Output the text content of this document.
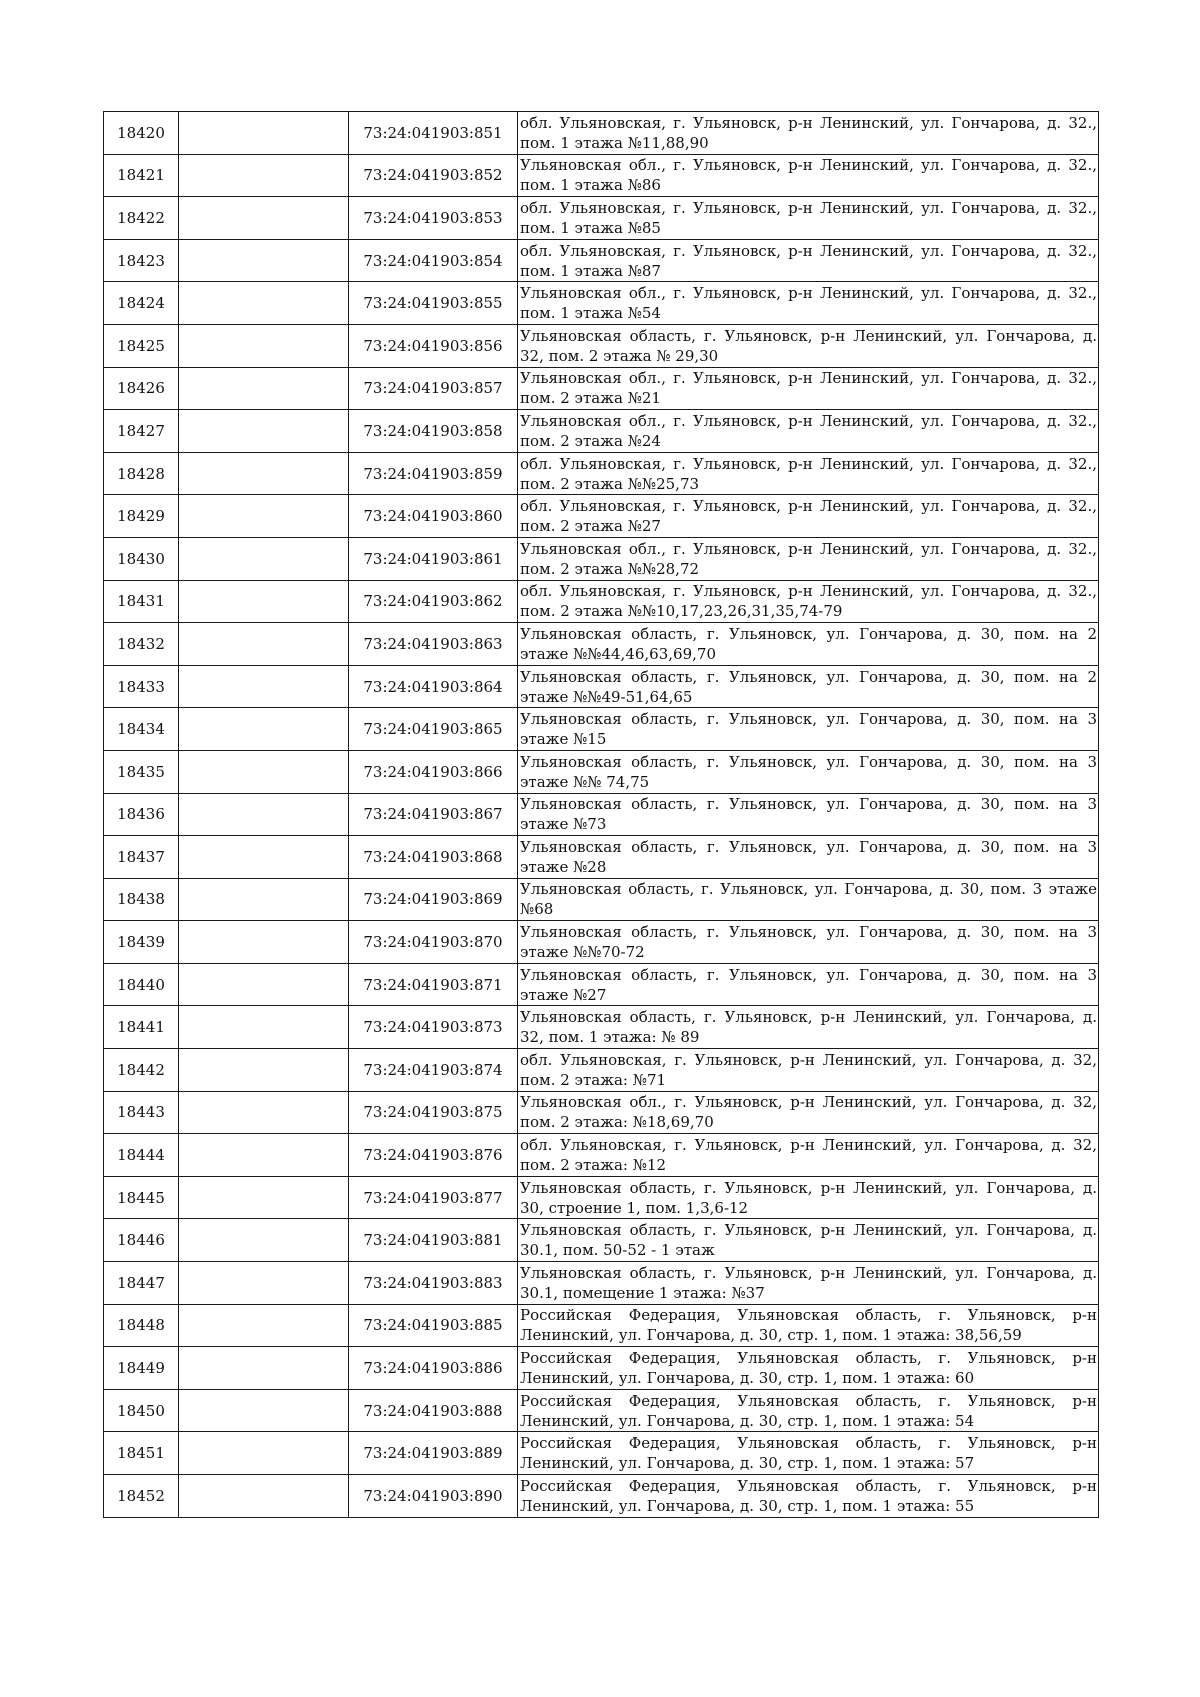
18420		73:24:041903:851	обл. Ульяновская, г. Ульяновск, р-н Ленинский, ул. Гончарова, д. 32., пом. 1 этажа №11,88,90

18421		73:24:041903:852	Ульяновская обл., г. Ульяновск, р-н Ленинский, ул. Гончарова, д. 32., пом. 1 этажа №86

18422		73:24:041903:853	обл. Ульяновская, г. Ульяновск, р-н Ленинский, ул. Гончарова, д. 32., пом. 1 этажа №85

18423		73:24:041903:854	обл. Ульяновская, г. Ульяновск, р-н Ленинский, ул. Гончарова, д. 32., пом. 1 этажа №87

18424		73:24:041903:855	Ульяновская обл., г. Ульяновск, р-н Ленинский, ул. Гончарова, д. 32., пом. 1 этажа №54

18425		73:24:041903:856	Ульяновская область, г. Ульяновск, р-н Ленинский, ул. Гончарова, д. 32, пом. 2 этажа № 29,30

18426		73:24:041903:857	Ульяновская обл., г. Ульяновск, р-н Ленинский, ул. Гончарова, д. 32., пом. 2 этажа №21

18427		73:24:041903:858	Ульяновская обл., г. Ульяновск, р-н Ленинский, ул. Гончарова, д. 32., пом. 2 этажа №24

18428		73:24:041903:859	обл. Ульяновская, г. Ульяновск, р-н Ленинский, ул. Гончарова, д. 32., пом. 2 этажа №№25,73

18429		73:24:041903:860	обл. Ульяновская, г. Ульяновск, р-н Ленинский, ул. Гончарова, д. 32., пом. 2 этажа №27

18430		73:24:041903:861	Ульяновская обл., г. Ульяновск, р-н Ленинский, ул. Гончарова, д. 32., пом. 2 этажа №№28,72

18431		73:24:041903:862	обл. Ульяновская, г. Ульяновск, р-н Ленинский, ул. Гончарова, д. 32., пом. 2 этажа №№10,17,23,26,31,35,74-79

18432		73:24:041903:863	Ульяновская область, г. Ульяновск, ул. Гончарова, д. 30, пом. на 2 этаже №№44,46,63,69,70

18433		73:24:041903:864	Ульяновская область, г. Ульяновск, ул. Гончарова, д. 30, пом. на 2 этаже №№49-51,64,65

18434		73:24:041903:865	Ульяновская область, г. Ульяновск, ул. Гончарова, д. 30, пом. на 3 этаже №15

18435		73:24:041903:866	Ульяновская область, г. Ульяновск, ул. Гончарова, д. 30, пом. на 3 этаже №№ 74,75

18436		73:24:041903:867	Ульяновская область, г. Ульяновск, ул. Гончарова, д. 30, пом. на 3 этаже №73

18437		73:24:041903:868	Ульяновская область, г. Ульяновск, ул. Гончарова, д. 30, пом. на 3 этаже №28

18438		73:24:041903:869	Ульяновская область, г. Ульяновск, ул. Гончарова, д. 30, пом. 3 этаже №68

18439		73:24:041903:870	Ульяновская область, г. Ульяновск, ул. Гончарова, д. 30, пом. на 3 этаже №№70-72

18440		73:24:041903:871	Ульяновская область, г. Ульяновск, ул. Гончарова, д. 30, пом. на 3 этаже №27

18441		73:24:041903:873	Ульяновская область, г. Ульяновск, р-н Ленинский, ул. Гончарова, д. 32, пом. 1 этажа: № 89

18442		73:24:041903:874	обл. Ульяновская, г. Ульяновск, р-н Ленинский, ул. Гончарова, д. 32, пом. 2 этажа: №71

18443		73:24:041903:875	Ульяновская обл., г. Ульяновск, р-н Ленинский, ул. Гончарова, д. 32, пом. 2 этажа: №18,69,70

18444		73:24:041903:876	обл. Ульяновская, г. Ульяновск, р-н Ленинский, ул. Гончарова, д. 32, пом. 2 этажа: №12

18445		73:24:041903:877	Ульяновская область, г. Ульяновск, р-н Ленинский, ул. Гончарова, д. 30, строение 1, пом. 1,3,6-12

18446		73:24:041903:881	Ульяновская область, г. Ульяновск, р-н Ленинский, ул. Гончарова, д. 30.1, пом. 50-52 - 1 этаж

18447		73:24:041903:883	Ульяновская область, г. Ульяновск, р-н Ленинский, ул. Гончарова, д. 30.1, помещение 1 этажа: №37

18448		73:24:041903:885	Российская Федерация, Ульяновская область, г. Ульяновск, р-н Ленинский, ул. Гончарова, д. 30, стр. 1, пом. 1 этажа: 38,56,59

18449		73:24:041903:886	Российская Федерация, Ульяновская область, г. Ульяновск, р-н Ленинский, ул. Гончарова, д. 30, стр. 1, пом. 1 этажа: 60

18450		73:24:041903:888	Российская Федерация, Ульяновская область, г. Ульяновск, р-н Ленинский, ул. Гончарова, д. 30, стр. 1, пом. 1 этажа: 54

18451		73:24:041903:889	Российская Федерация, Ульяновская область, г. Ульяновск, р-н Ленинский, ул. Гончарова, д. 30, стр. 1, пом. 1 этажа: 57

18452		73:24:041903:890	Российская Федерация, Ульяновская область, г. Ульяновск, р-н Ленинский, ул. Гончарова, д. 30, стр. 1, пом. 1 этажа: 55
